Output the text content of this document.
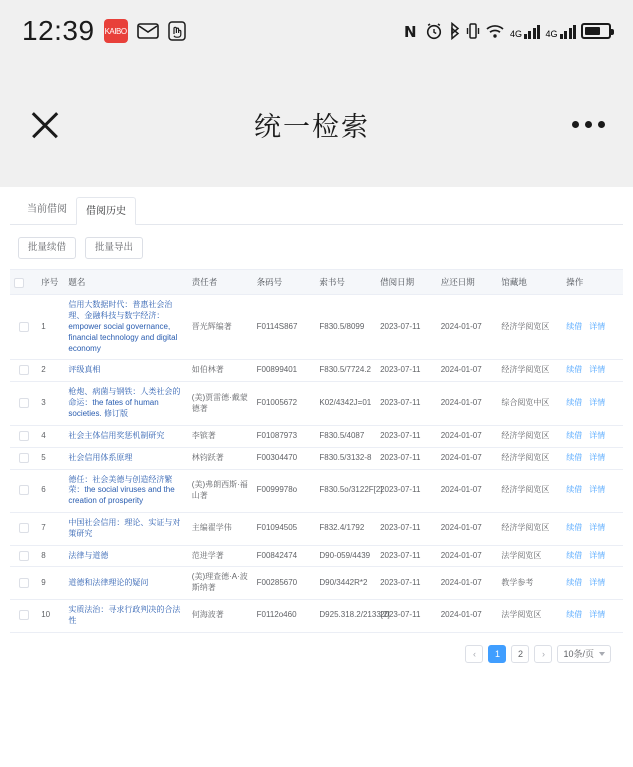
12:39 KAIBO	N	4G	4G
统一检索
当前借阅	借阅历史
批量续借	批量导出
	序号	题名	责任者	条码号	索书号	借阅日期	应还日期	馆藏地	操作
	1	信用大数据时代：普惠社会治理、金融科技与数字经济：empower social governance, financial technology and digital economy	晋光辉编著	F0114S867	F830.5/8099	2023-07-11	2024-01-07	经济学阅览区	续借 详情
	2	评级真相	如伯林著	F00899401	F830.5/7724.2	2023-07-11	2024-01-07	经济学阅览区	续借 详情
	3	枪炮、病菌与钢铁：人类社会的命运：the fates of human societies. 修订版	(美)贾雷德·戴蒙德著	F01005672	K02/4342J=01	2023-07-11	2024-01-07	综合阅览中区	续借 详情
	4	社会主体信用奖惩机制研究	李镔著	F01087973	F830.5/4087	2023-07-11	2024-01-07	经济学阅览区	续借 详情
	5	社会信用体系原理	林钧跃著	F00304470	F830.5/3132-8	2023-07-11	2024-01-07	经济学阅览区	续借 详情
	6	德任：社会美德与创造经济繁荣：the social viruses and the creation of prosperity	(美)弗朗西斯·福山著	F0099978o	F830.5o/3122F[2]	2023-07-11	2024-01-07	经济学阅览区	续借 详情
	7	中国社会信用：理论、实证与对策研究	主编翟学伟	F01094505	F832.4/1792	2023-07-11	2024-01-07	经济学阅览区	续借 详情
	8	法律与道德	范进学著	F00842474	D90-059/4439	2023-07-11	2024-01-07	法学阅览区	续借 详情
	9	道德和法律理论的疑问	(美)理查德·A·波斯纳著	F00285670	D90/3442R*2	2023-07-11	2024-01-07	教学参考	续借 详情
	10	实质法治：寻求行政判决的合法性	何海波著	F0112o460	D925.318.2/2133[2]	2023-07-11	2024-01-07	法学阅览区	续借 详情
‹	1	2	›	10条/页
